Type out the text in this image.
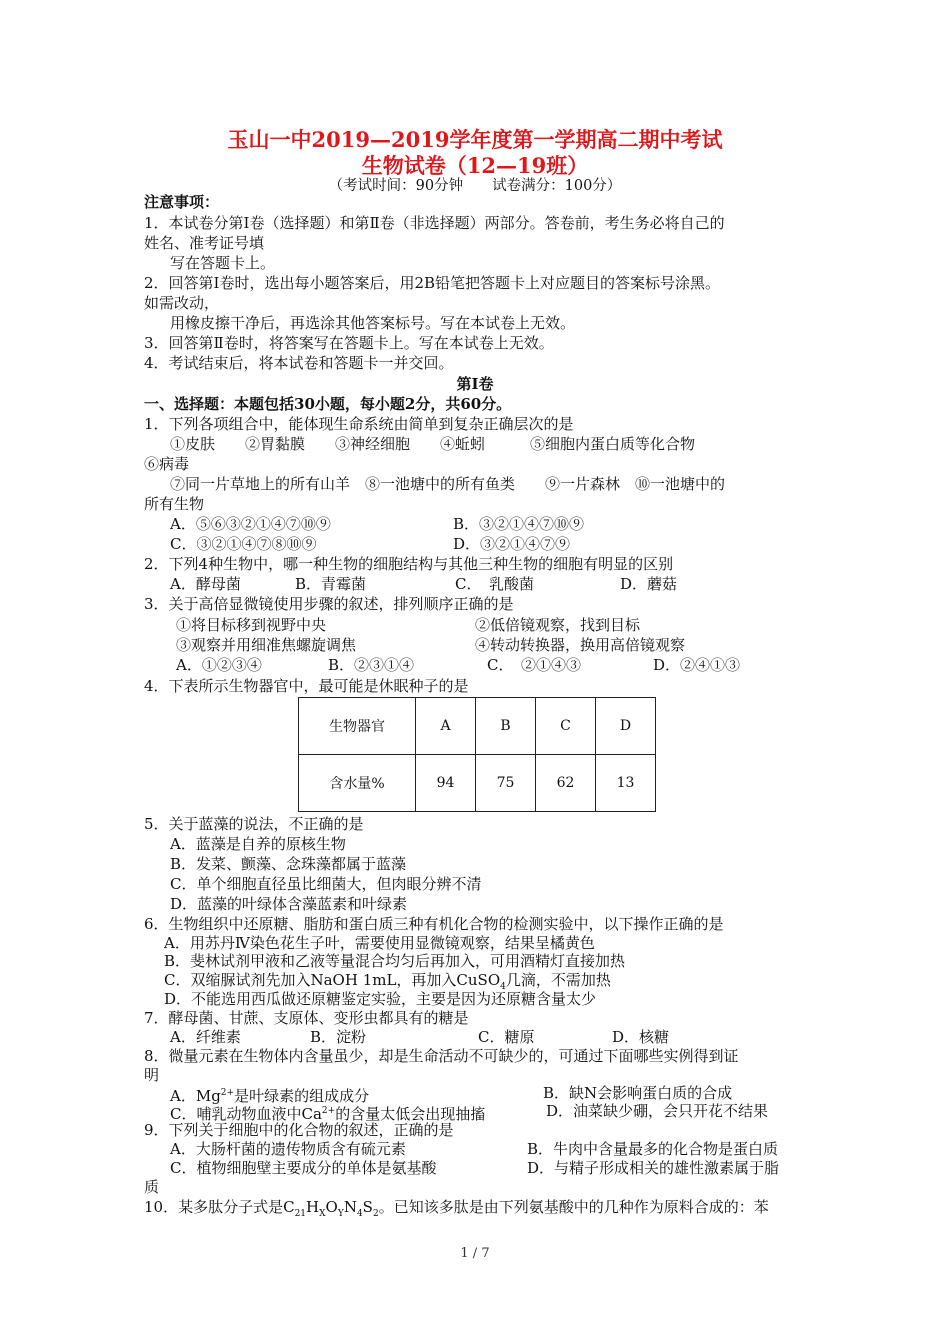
玉山一中2019—2019学年度第一学期高二期中考试
生物试卷（12—19班）
（考试时间：90分钟　　试卷满分：100分）
注意事项：
1．本试卷分第Ⅰ卷（选择题）和第Ⅱ卷（非选择题）两部分。答卷前，考生务必将自己的
姓名、准考证号填
写在答题卡上。
2．回答第Ⅰ卷时，选出每小题答案后，用2B铅笔把答题卡上对应题目的答案标号涂黑。
如需改动，
用橡皮擦干净后，再选涂其他答案标号。写在本试卷上无效。
3．回答第Ⅱ卷时，将答案写在答题卡上。写在本试卷上无效。
4．考试结束后，将本试卷和答题卡一并交回。
第Ⅰ卷
一、选择题：本题包括30小题，每小题2分，共60分。
1．下列各项组合中，能体现生命系统由简单到复杂正确层次的是
①皮肤　　②胃黏膜　　③神经细胞　　④蚯蚓　　　⑤细胞内蛋白质等化合物
⑥病毒
⑦同一片草地上的所有山羊　⑧一池塘中的所有鱼类　　⑨一片森林　⑩一池塘中的
所有生物
A．⑤⑥③②①④⑦⑩⑨	B．③②①④⑦⑩⑨
C．③②①④⑦⑧⑩⑨	D．③②①④⑦⑨
2．下列4种生物中，哪一种生物的细胞结构与其他三种生物的细胞有明显的区别
A．酵母菌	B．青霉菌	C．　乳酸菌	D．蘑菇
3．关于高倍显微镜使用步骤的叙述，排列顺序正确的是
①将目标移到视野中央	②低倍镜观察，找到目标
③观察并用细准焦螺旋调焦	④转动转换器，换用高倍镜观察
A．①②③④	B．②③①④	C．　②①④③	D．②④①③
4．下表所示生物器官中，最可能是休眠种子的是
生物器官	A	B	C	D
含水量%	94	75	62	13
5．关于蓝藻的说法，不正确的是
A．蓝藻是自养的原核生物
B．发菜、颤藻、念珠藻都属于蓝藻
C．单个细胞直径虽比细菌大，但肉眼分辨不清
D．蓝藻的叶绿体含藻蓝素和叶绿素
6．生物组织中还原糖、脂肪和蛋白质三种有机化合物的检测实验中，以下操作正确的是
A．用苏丹Ⅳ染色花生子叶，需要使用显微镜观察，结果呈橘黄色
B．斐林试剂甲液和乙液等量混合均匀后再加入，可用酒精灯直接加热
C．双缩脲试剂先加入NaOH 1mL，再加入CuSO$_4$几滴，不需加热
D．不能选用西瓜做还原糖鉴定实验，主要是因为还原糖含量太少
7．酵母菌、甘蔗、支原体、变形虫都具有的糖是
A．纤维素	B．淀粉	C．糖原	D．核糖
8．微量元素在生物体内含量虽少，却是生命活动不可缺少的，可通过下面哪些实例得到证
明
A．$Mg^{2+}$是叶绿素的组成成分	B．缺N会影响蛋白质的合成
C．哺乳动物血液中$Ca^{2+}$的含量太低会出现抽搐	D．油菜缺少硼，会只开花不结果
9．下列关于细胞中的化合物的叙述，正确的是
A．大肠杆菌的遗传物质含有硫元素	B．牛肉中含量最多的化合物是蛋白质
C．植物细胞壁主要成分的单体是氨基酸	D．与精子形成相关的雄性激素属于脂
质
10．某多肽分子式是$C_{21}H_XO_YN_4S_2$。已知该多肽是由下列氨基酸中的几种作为原料合成的：苯
1 / 7
